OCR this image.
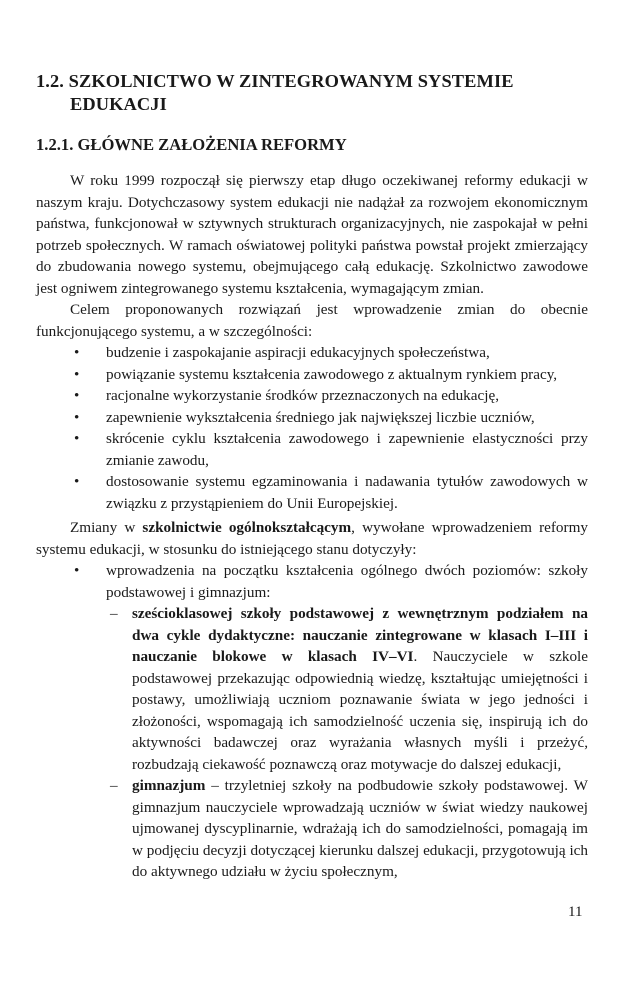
1.2. SZKOLNICTWO W ZINTEGROWANYM SYSTEMIE EDUKACJI
1.2.1. GŁÓWNE ZAŁOŻENIA REFORMY

W roku 1999 rozpoczął się pierwszy etap długo oczekiwanej reformy edukacji w naszym kraju. Dotychczasowy system edukacji nie nadążał za rozwojem ekonomicznym państwa, funkcjonował w sztywnych strukturach organizacyjnych, nie zaspokajał w pełni potrzeb społecznych. W ramach oświatowej polityki państwa powstał projekt zmierzający do zbudowania nowego systemu, obejmującego całą edukację. Szkolnictwo zawodowe jest ogniwem zintegrowanego systemu kształcenia, wymagającym zmian.

Celem proponowanych rozwiązań jest wprowadzenie zmian do obecnie funkcjonującego systemu, a w szczególności:

• budzenie i zaspokajanie aspiracji edukacyjnych społeczeństwa,
• powiązanie systemu kształcenia zawodowego z aktualnym rynkiem pracy,
• racjonalne wykorzystanie środków przeznaczonych na edukację,
• zapewnienie wykształcenia średniego jak największej liczbie uczniów,
• skrócenie cyklu kształcenia zawodowego i zapewnienie elastyczności przy zmianie zawodu,
• dostosowanie systemu egzaminowania i nadawania tytułów zawodowych w związku z przystąpieniem do Unii Europejskiej.

Zmiany w szkolnictwie ogólnokształcącym, wywołane wprowadzeniem reformy systemu edukacji, w stosunku do istniejącego stanu dotyczyły:

• wprowadzenia na początku kształcenia ogólnego dwóch poziomów: szkoły podstawowej i gimnazjum:
– sześcioklasowej szkoły podstawowej z wewnętrznym podziałem na dwa cykle dydaktyczne: nauczanie zintegrowane w klasach I–III i nauczanie blokowe w klasach IV–VI. Nauczyciele w szkole podstawowej przekazując odpowiednią wiedzę, kształtując umiejętności i postawy, umożliwiają uczniom poznawanie świata w jego jedności i złożoności, wspomagają ich samodzielność uczenia się, inspirują ich do aktywności badawczej oraz wyrażania własnych myśli i przeżyć, rozbudzają ciekawość poznawczą oraz motywacje do dalszej edukacji,
– gimnazjum – trzyletniej szkoły na podbudowie szkoły podstawowej. W gimnazjum nauczyciele wprowadzają uczniów w świat wiedzy naukowej ujmowanej dyscyplinarnie, wdrażają ich do samodzielności, pomagają im w podjęciu decyzji dotyczącej kierunku dalszej edukacji, przygotowują ich do aktywnego udziału w życiu społecznym,
11
